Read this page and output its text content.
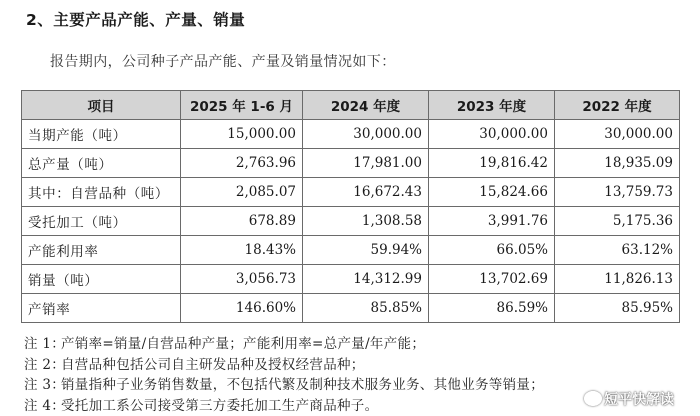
2、主要产品产能、产量、销量
报告期内，公司种子产品产能、产量及销量情况如下：
项目	2025 年 1-6 月	2024 年度	2023 年度	2022 年度
当期产能（吨）	15,000.00	30,000.00	30,000.00	30,000.00
总产量（吨）	2,763.96	17,981.00	19,816.42	18,935.09
其中：自营品种（吨）	2,085.07	16,672.43	15,824.66	13,759.73
受托加工（吨）	678.89	1,308.58	3,991.76	5,175.36
产能利用率	18.43%	59.94%	66.05%	63.12%
销量（吨）	3,056.73	14,312.99	13,702.69	11,826.13
产销率	146.60%	85.85%	86.59%	85.95%
注 1：产销率=销量/自营品种产量；产能利用率=总产量/年产能；
注 2：自营品种包括公司自主研发品种及授权经营品种；
注 3：销量指种子业务销售数量，不包括代繁及制种技术服务业务、其他业务等销量；
注 4：受托加工系公司接受第三方委托加工生产商品种子。	短平快解读
